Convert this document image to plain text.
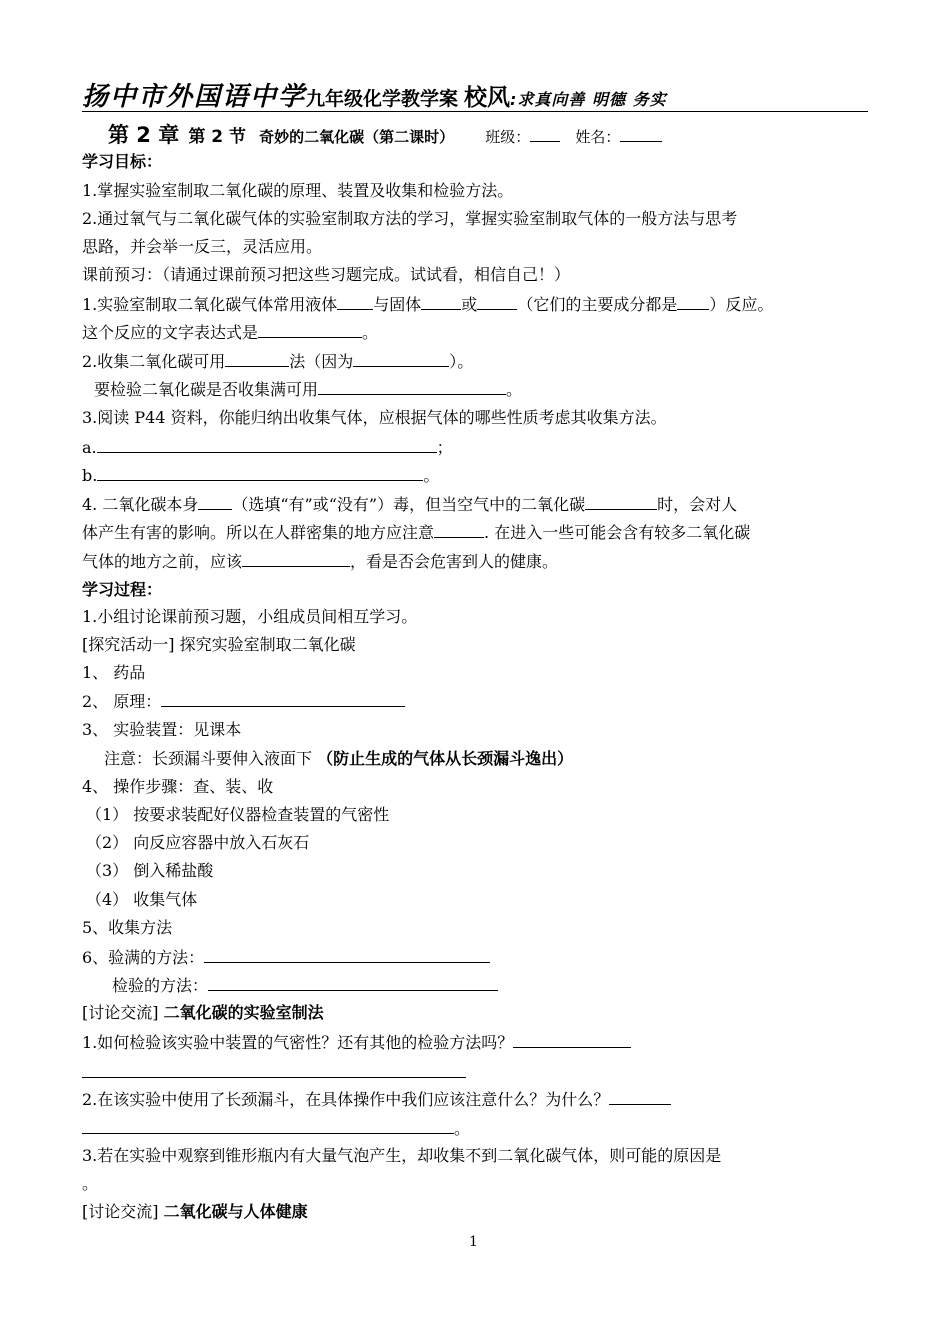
扬中市外国语中学九年级化学教学案 校风:求真向善 明德 务实
第 2 章 第 2 节 奇妙的二氧化碳（第二课时） 班级：	姓名：
学习目标：
1.掌握实验室制取二氧化碳的原理、装置及收集和检验方法。
2.通过氧气与二氧化碳气体的实验室制取方法的学习，掌握实验室制取气体的一般方法与思考
思路，并会举一反三，灵活应用。
课前预习：（请通过课前预习把这些习题完成。试试看，相信自己！）
1.实验室制取二氧化碳气体常用液体 与固体	或	（它们的主要成分都是 ）反应。
这个反应的文字表达式是	。
2.收集二氧化碳可用	法（因为	）。
要检验二氧化碳是否收集满可用	。
3.阅读 P44 资料，你能归纳出收集气体，应根据气体的哪些性质考虑其收集方法。
a.	；
b.	。
4. 二氧化碳本身 （选填“有”或“没有”）毒，但当空气中的二氧化碳	时，会对人
体产生有害的影响。所以在人群密集的地方应注意	. 在进入一些可能会含有较多二氧化碳
气体的地方之前，应该	，看是否会危害到人的健康。
学习过程：
1.小组讨论课前预习题，小组成员间相互学习。
[探究活动一] 探究实验室制取二氧化碳
1、 药品
2、 原理：
3、 实验装置：见课本
注意：长颈漏斗要伸入液面下 （防止生成的气体从长颈漏斗逸出）
4、 操作步骤：查、装、收
（1） 按要求装配好仪器检查装置的气密性
（2） 向反应容器中放入石灰石
（3） 倒入稀盐酸
（4） 收集气体
5、收集方法
6、验满的方法：
检验的方法：
[讨论交流] 二氧化碳的实验室制法
1.如何检验该实验中装置的气密性？还有其他的检验方法吗？
2.在该实验中使用了长颈漏斗，在具体操作中我们应该注意什么？为什么？
。
3.若在实验中观察到锥形瓶内有大量气泡产生，却收集不到二氧化碳气体，则可能的原因是
。
[讨论交流] 二氧化碳与人体健康
1
